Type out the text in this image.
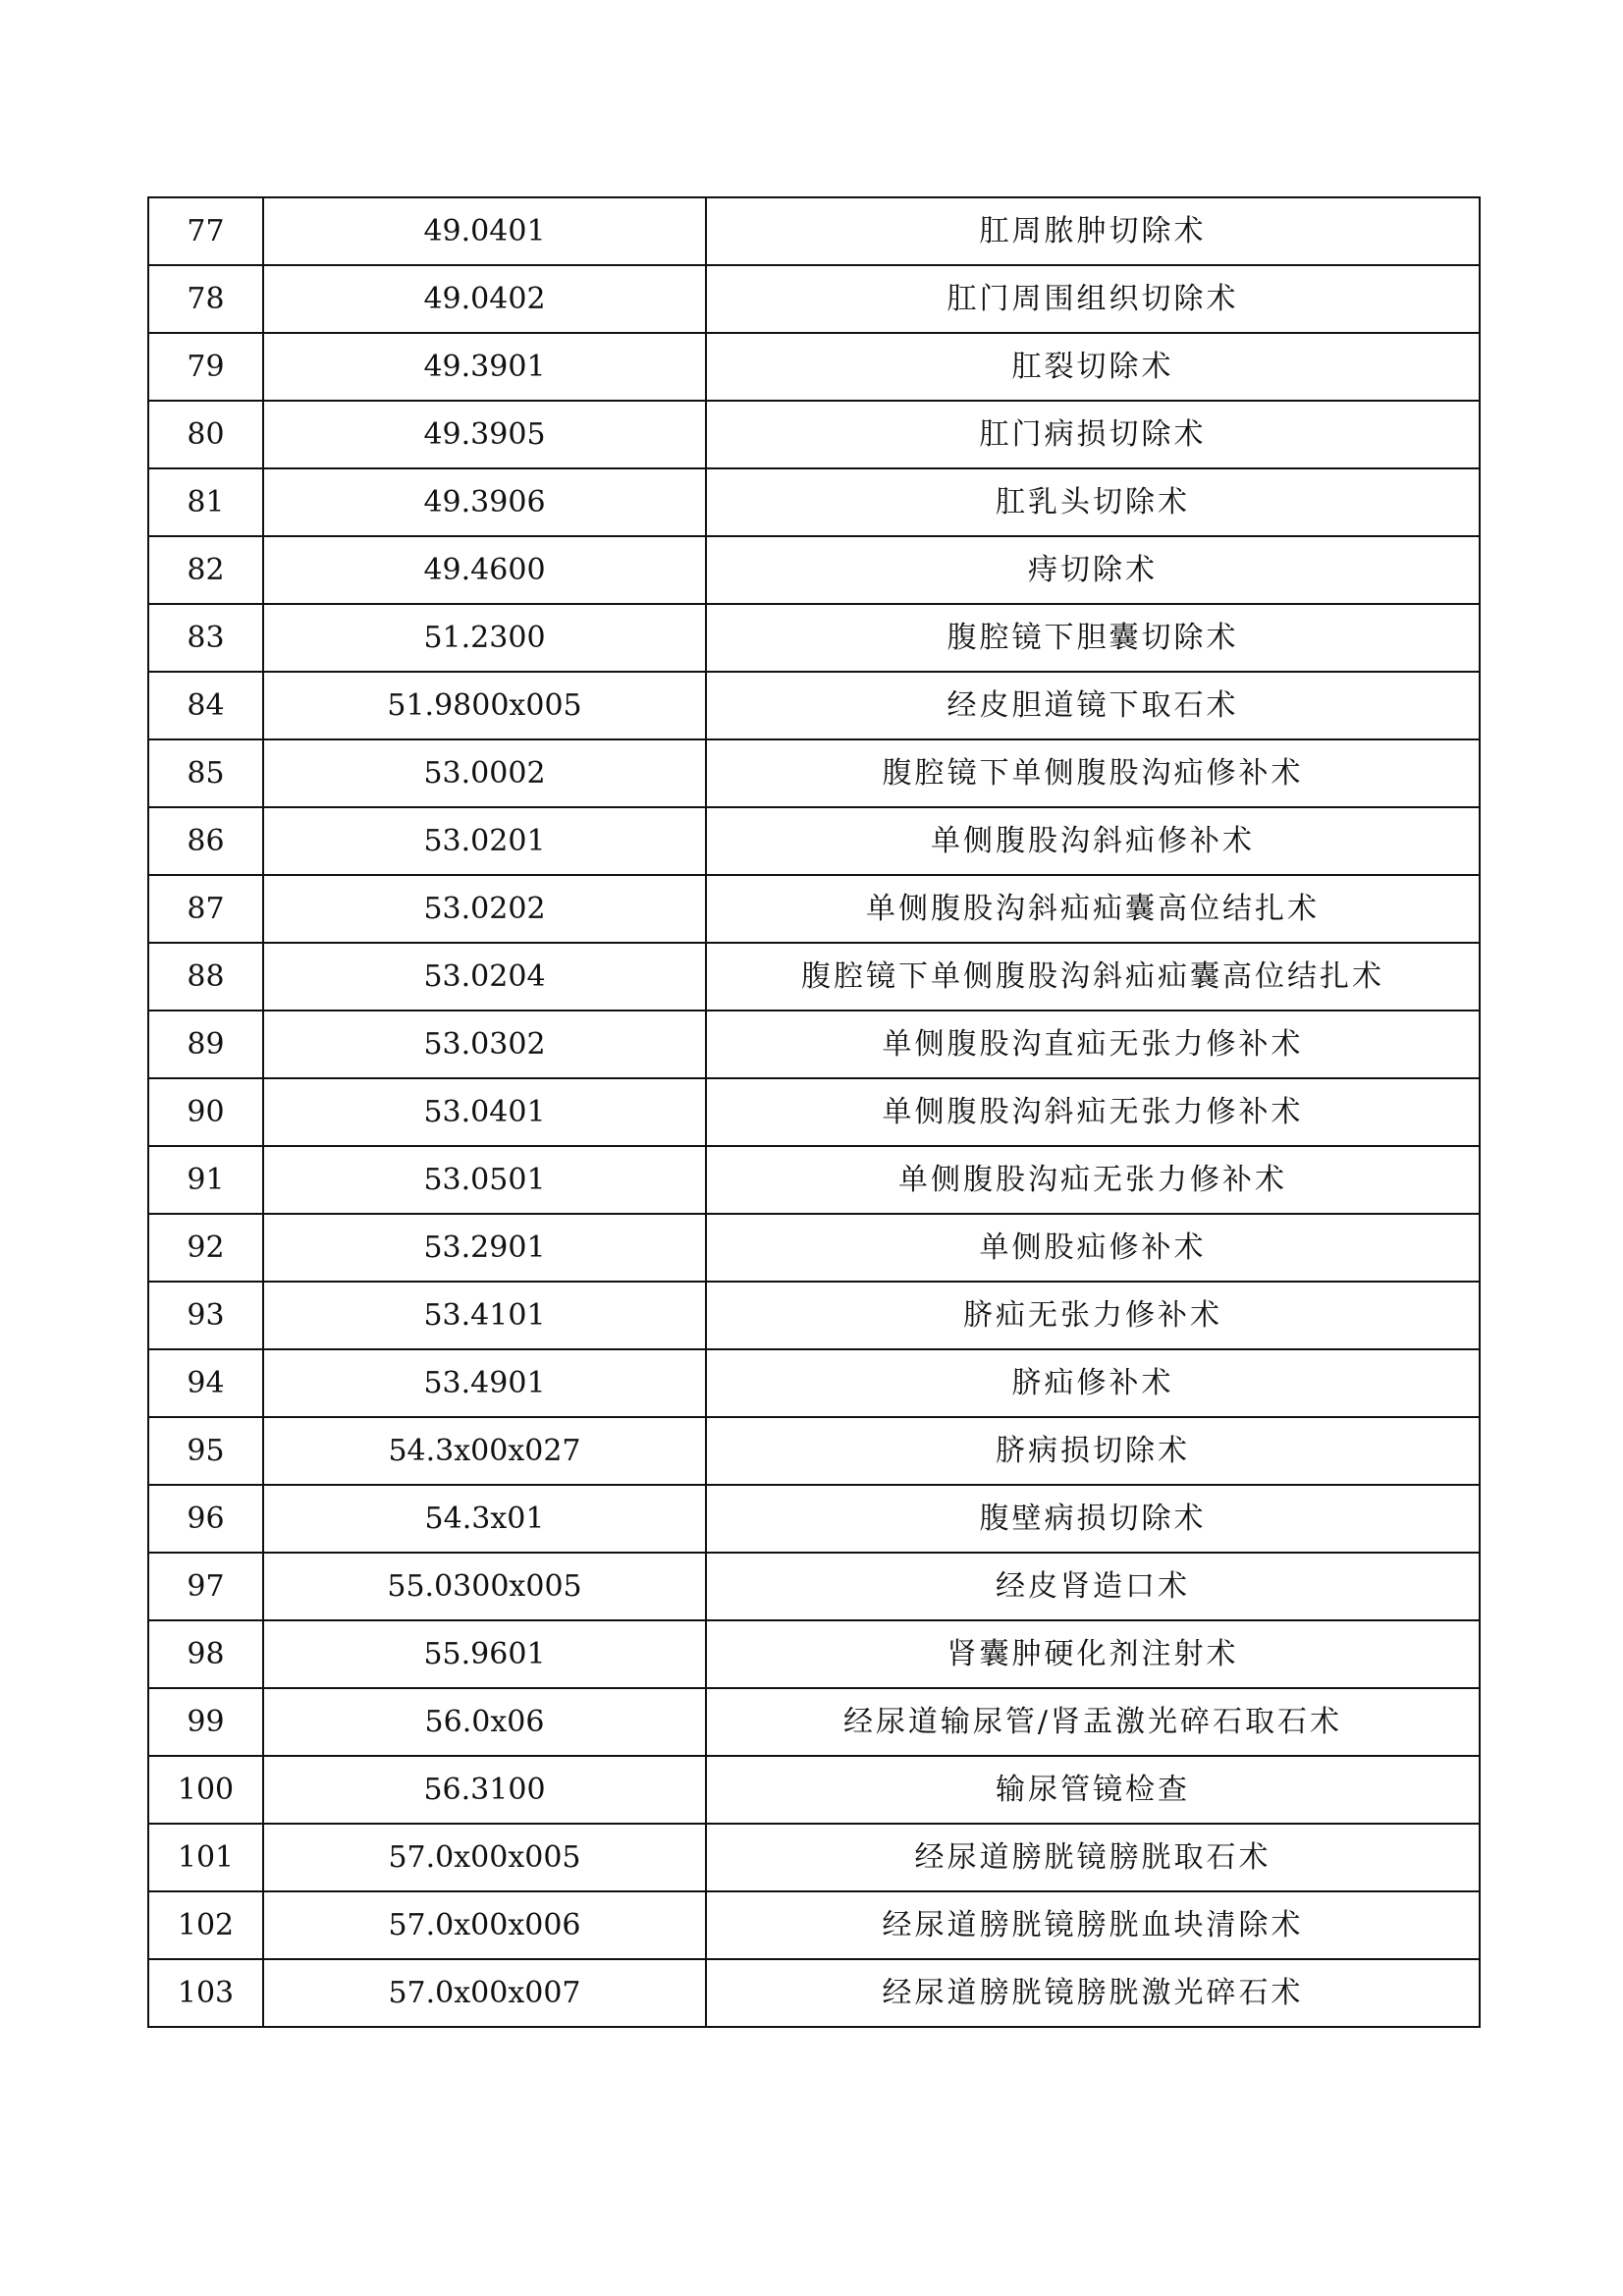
77	49.0401	肛周脓肿切除术
78	49.0402	肛门周围组织切除术
79	49.3901	肛裂切除术
80	49.3905	肛门病损切除术
81	49.3906	肛乳头切除术
82	49.4600	痔切除术
83	51.2300	腹腔镜下胆囊切除术
84	51.9800x005	经皮胆道镜下取石术
85	53.0002	腹腔镜下单侧腹股沟疝修补术
86	53.0201	单侧腹股沟斜疝修补术
87	53.0202	单侧腹股沟斜疝疝囊高位结扎术
88	53.0204	腹腔镜下单侧腹股沟斜疝疝囊高位结扎术
89	53.0302	单侧腹股沟直疝无张力修补术
90	53.0401	单侧腹股沟斜疝无张力修补术
91	53.0501	单侧腹股沟疝无张力修补术
92	53.2901	单侧股疝修补术
93	53.4101	脐疝无张力修补术
94	53.4901	脐疝修补术
95	54.3x00x027	脐病损切除术
96	54.3x01	腹壁病损切除术
97	55.0300x005	经皮肾造口术
98	55.9601	肾囊肿硬化剂注射术
99	56.0x06	经尿道输尿管/肾盂激光碎石取石术
100	56.3100	输尿管镜检查
101	57.0x00x005	经尿道膀胱镜膀胱取石术
102	57.0x00x006	经尿道膀胱镜膀胱血块清除术
103	57.0x00x007	经尿道膀胱镜膀胱激光碎石术
